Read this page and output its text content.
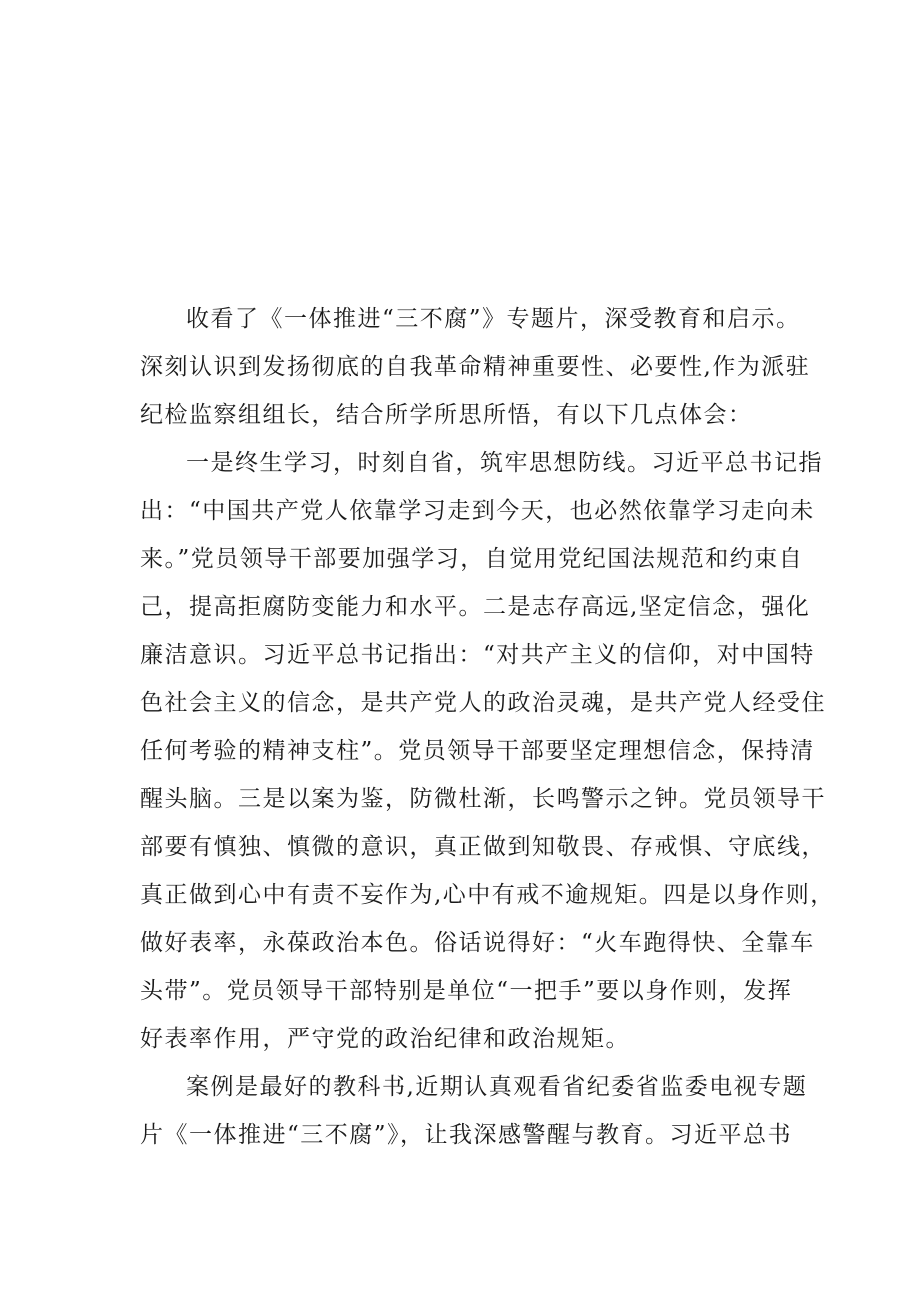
收看了《一体推进“三不腐”》专题片，深受教育和启示。
深刻认识到发扬彻底的自我革命精神重要性、必要性,作为派驻
纪检监察组组长，结合所学所思所悟，有以下几点体会：
一是终生学习，时刻自省，筑牢思想防线。习近平总书记指
出：“中国共产党人依靠学习走到今天，也必然依靠学习走向未
来。”党员领导干部要加强学习，自觉用党纪国法规范和约束自
己，提高拒腐防变能力和水平。二是志存高远,坚定信念，强化
廉洁意识。习近平总书记指出：“对共产主义的信仰，对中国特
色社会主义的信念，是共产党人的政治灵魂，是共产党人经受住
任何考验的精神支柱”。党员领导干部要坚定理想信念，保持清
醒头脑。三是以案为鉴，防微杜渐，长鸣警示之钟。党员领导干
部要有慎独、慎微的意识，真正做到知敬畏、存戒惧、守底线，
真正做到心中有责不妄作为,心中有戒不逾规矩。四是以身作则，
做好表率，永葆政治本色。俗话说得好：“火车跑得快、全靠车
头带”。党员领导干部特别是单位“一把手”要以身作则，发挥
好表率作用，严守党的政治纪律和政治规矩。
案例是最好的教科书,近期认真观看省纪委省监委电视专题
片《一体推进“三不腐”》，让我深感警醒与教育。习近平总书
